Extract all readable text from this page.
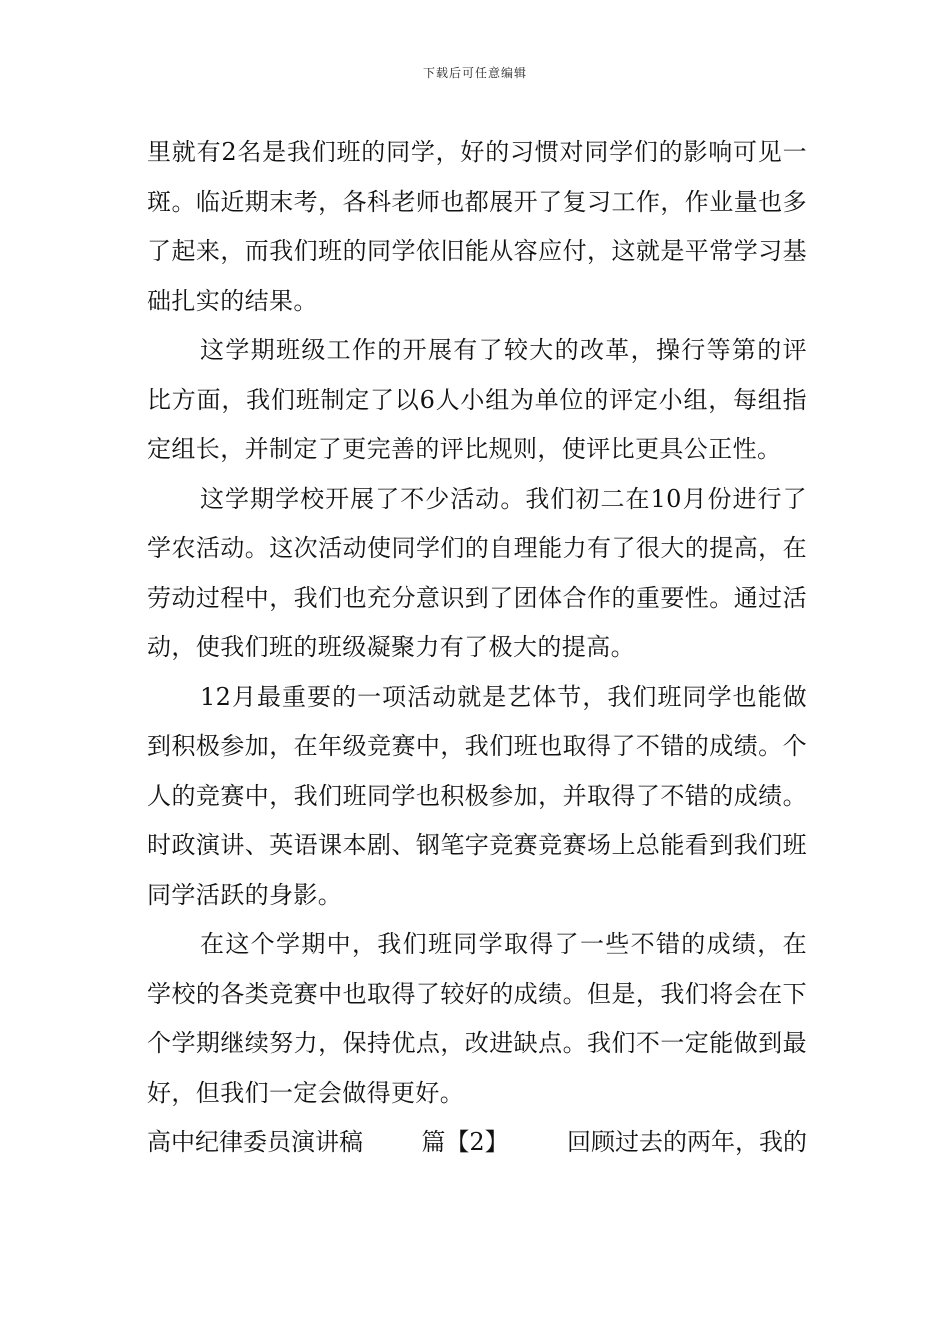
下载后可任意编辑

里就有2名是我们班的同学，好的习惯对同学们的影响可见一斑。临近期末考，各科老师也都展开了复习工作，作业量也多了起来，而我们班的同学依旧能从容应付，这就是平常学习基础扎实的结果。

这学期班级工作的开展有了较大的改革，操行等第的评比方面，我们班制定了以6人小组为单位的评定小组，每组指定组长，并制定了更完善的评比规则，使评比更具公正性。

这学期学校开展了不少活动。我们初二在10月份进行了学农活动。这次活动使同学们的自理能力有了很大的提高，在劳动过程中，我们也充分意识到了团体合作的重要性。通过活动，使我们班的班级凝聚力有了极大的提高。

12月最重要的一项活动就是艺体节，我们班同学也能做到积极参加，在年级竞赛中，我们班也取得了不错的成绩。个人的竞赛中，我们班同学也积极参加，并取得了不错的成绩。时政演讲、英语课本剧、钢笔字竞赛竞赛场上总能看到我们班同学活跃的身影。

在这个学期中，我们班同学取得了一些不错的成绩，在学校的各类竞赛中也取得了较好的成绩。但是，我们将会在下个学期继续努力，保持优点，改进缺点。我们不一定能做到最好，但我们一定会做得更好。

高中纪律委员演讲稿 篇【2】 回顾过去的两年，我的
